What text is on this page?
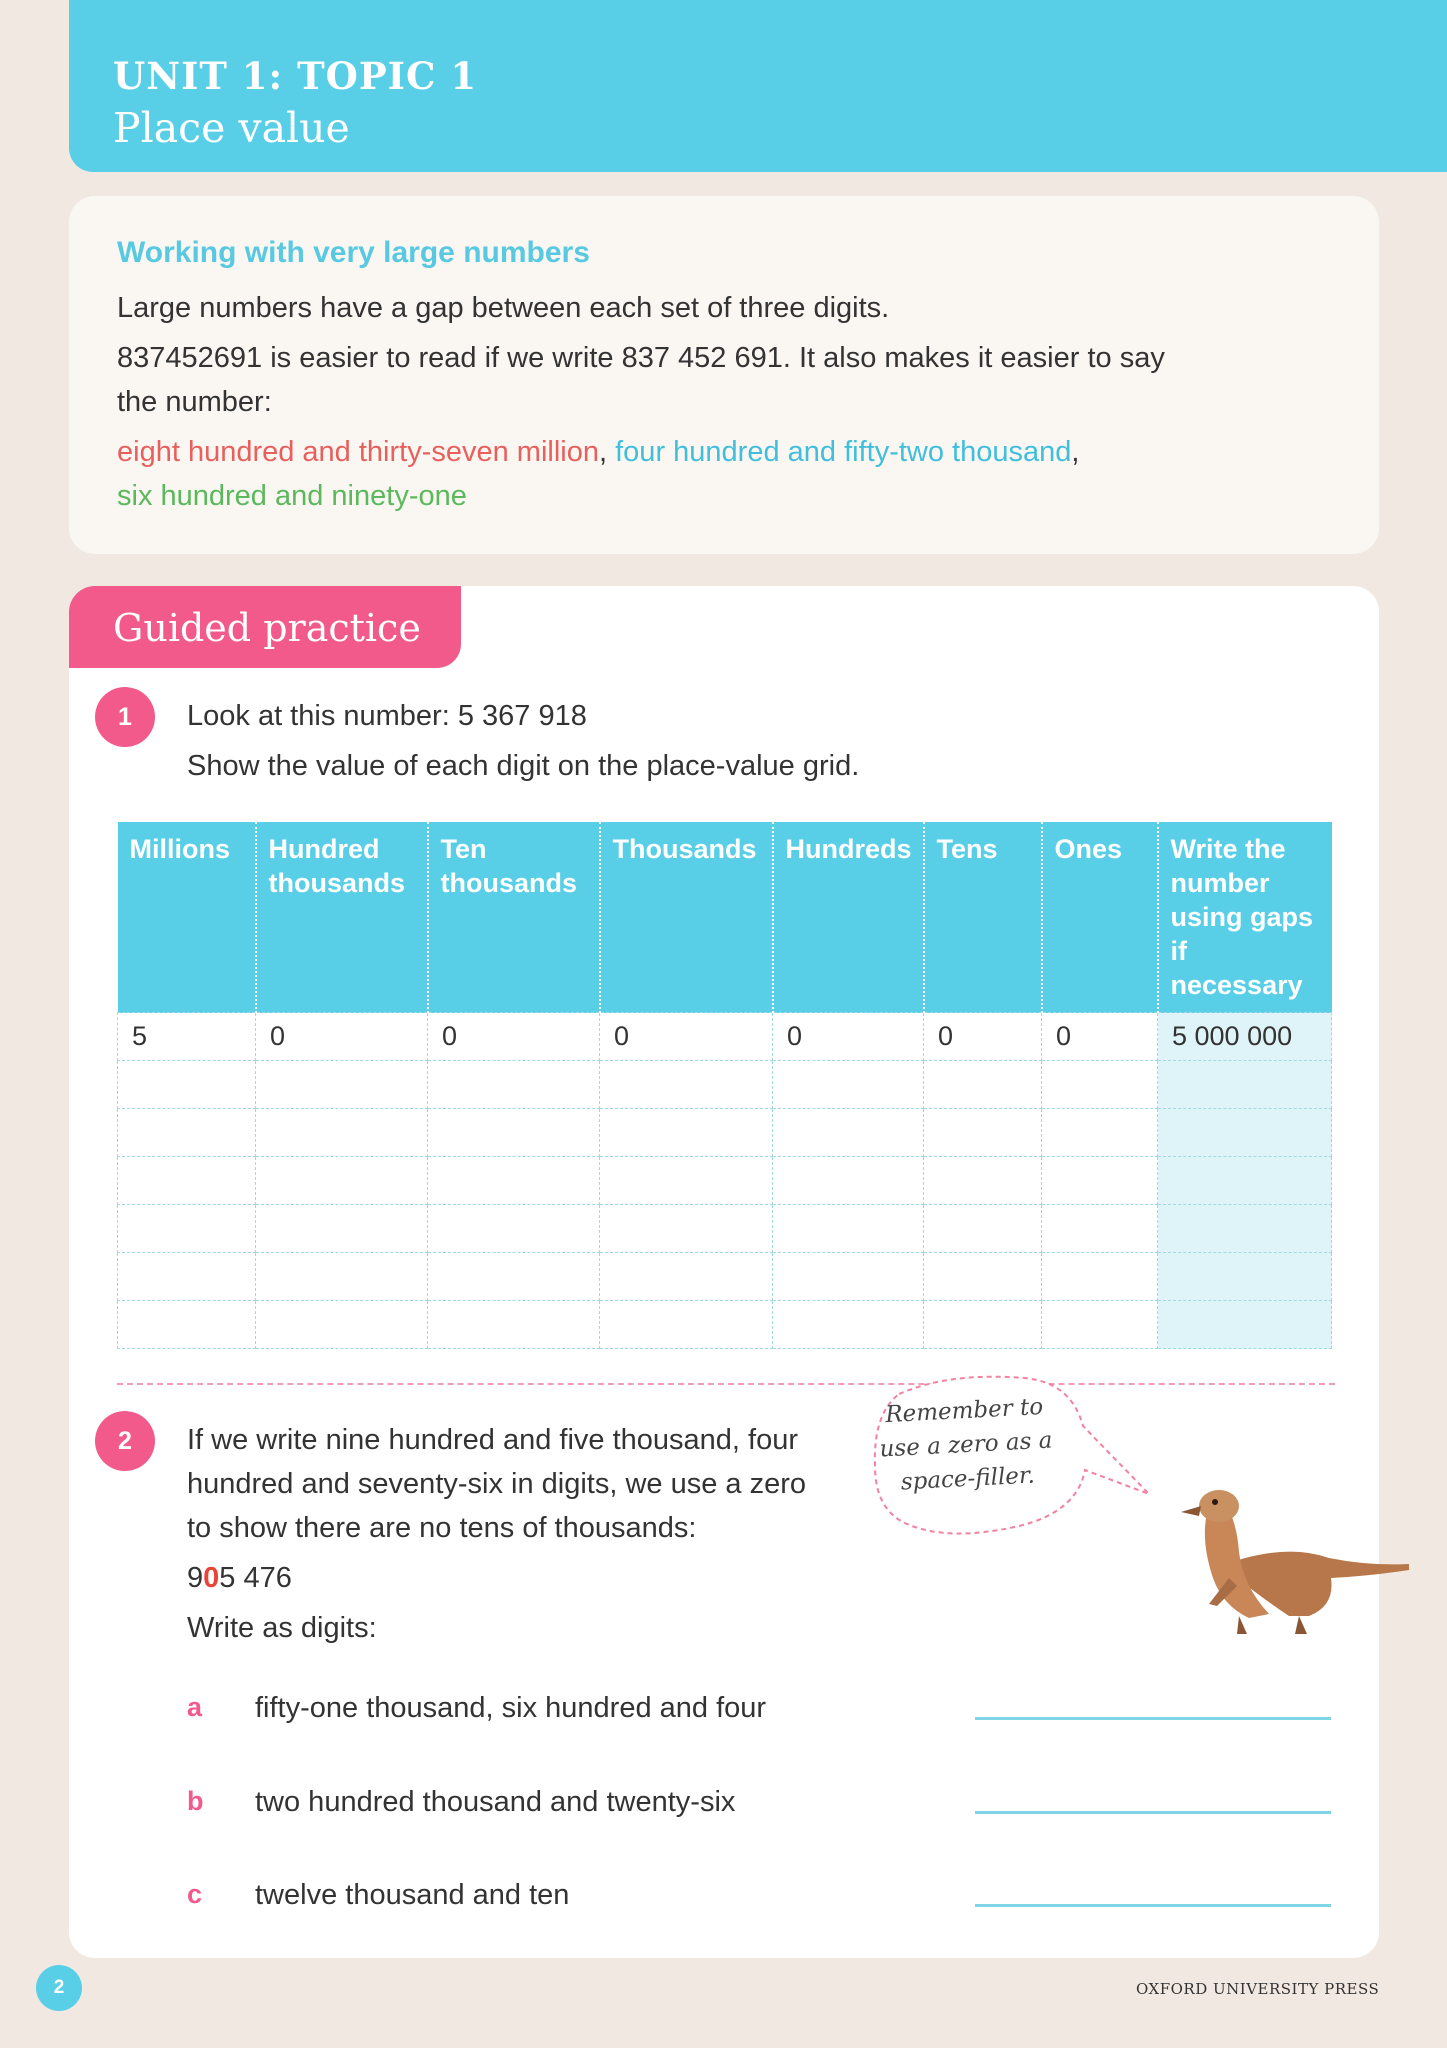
UNIT 1: TOPIC 1
Place value
Working with very large numbers

Large numbers have a gap between each set of three digits.

837452691 is easier to read if we write 837 452 691. It also makes it easier to say

the number:

eight hundred and thirty-seven million, four hundred and fifty-two thousand,

six hundred and ninety-one

Guided practice
1	Look at this number: 5 367 918
Show the value of each digit on the place-value grid.
Millions	Hundred thousands	Ten thousands	Thousands	Hundreds	Tens	Ones	Write the number using gaps if necessary
5	0	0	0	0	0	0	5 000 000

Remember to
use a zero as a
space-filler.
2	If we write nine hundred and five thousand, four
hundred and seventy-six in digits, we use a zero
to show there are no tens of thousands:
905 476
Write as digits:
a fifty-one thousand, six hundred and four
b two hundred thousand and twenty-six
c twelve thousand and ten
2	OXFORD UNIVERSITY PRESS
